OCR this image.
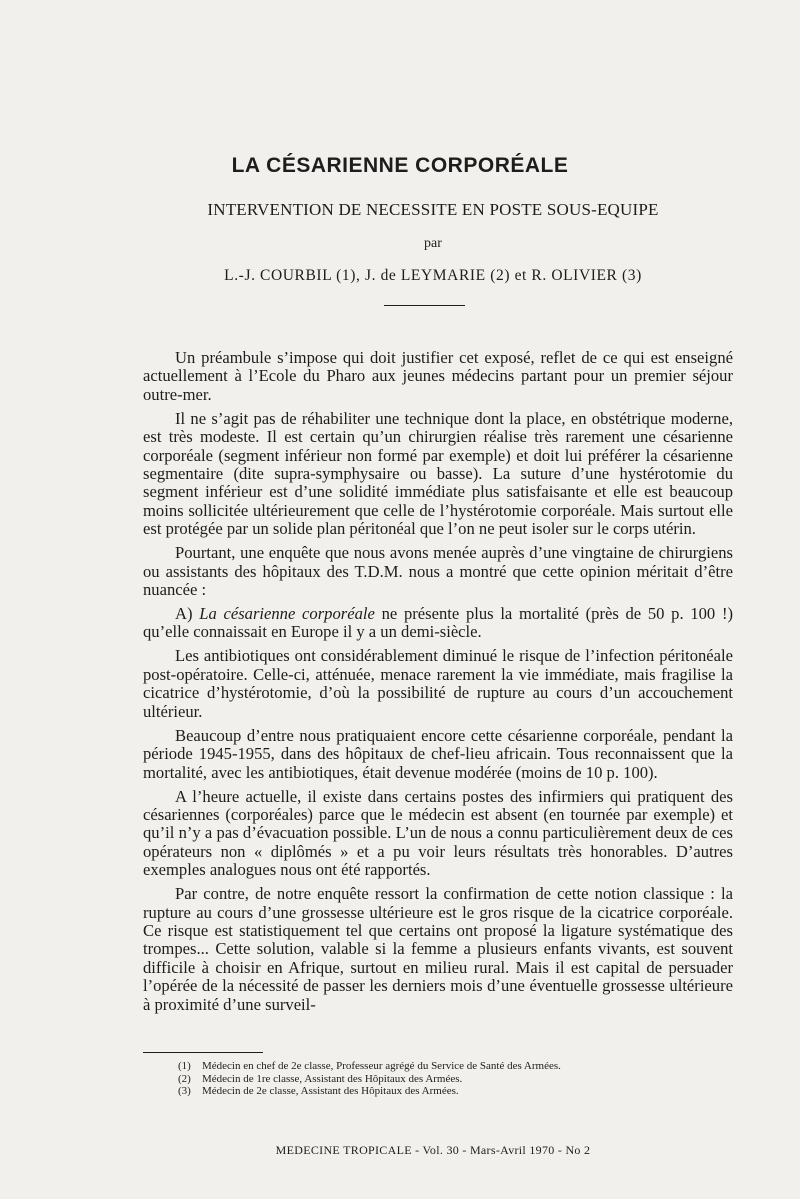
LA CÉSARIENNE CORPORÉALE
INTERVENTION DE NECESSITE EN POSTE SOUS-EQUIPE
par
L.-J. COURBIL (1), J. de LEYMARIE (2) et R. OLIVIER (3)

Un préambule s’impose qui doit justifier cet exposé, reflet de ce qui est enseigné actuellement à l’Ecole du Pharo aux jeunes médecins partant pour un premier séjour outre-mer.

Il ne s’agit pas de réhabiliter une technique dont la place, en obstétrique moderne, est très modeste. Il est certain qu’un chirurgien réalise très rarement une césarienne corporéale (segment inférieur non formé par exemple) et doit lui préférer la césarienne segmentaire (dite supra-symphysaire ou basse). La suture d’une hystérotomie du segment inférieur est d’une solidité immédiate plus satisfaisante et elle est beaucoup moins sollicitée ultérieurement que celle de l’hystérotomie corporéale. Mais surtout elle est protégée par un solide plan péritonéal que l’on ne peut isoler sur le corps utérin.

Pourtant, une enquête que nous avons menée auprès d’une vingtaine de chirurgiens ou assistants des hôpitaux des T.D.M. nous a montré que cette opinion méritait d’être nuancée :

A) La césarienne corporéale ne présente plus la mortalité (près de 50 p. 100 !) qu’elle connaissait en Europe il y a un demi-siècle.

Les antibiotiques ont considérablement diminué le risque de l’infection péritonéale post-opératoire. Celle-ci, atténuée, menace rarement la vie immédiate, mais fragilise la cicatrice d’hystérotomie, d’où la possibilité de rupture au cours d’un accouchement ultérieur.

Beaucoup d’entre nous pratiquaient encore cette césarienne corporéale, pendant la période 1945-1955, dans des hôpitaux de chef-lieu africain. Tous reconnaissent que la mortalité, avec les antibiotiques, était devenue modérée (moins de 10 p. 100).

A l’heure actuelle, il existe dans certains postes des infirmiers qui pratiquent des césariennes (corporéales) parce que le médecin est absent (en tournée par exemple) et qu’il n’y a pas d’évacuation possible. L’un de nous a connu particulièrement deux de ces opérateurs non « diplômés » et a pu voir leurs résultats très honorables. D’autres exemples analogues nous ont été rapportés.

Par contre, de notre enquête ressort la confirmation de cette notion classique : la rupture au cours d’une grossesse ultérieure est le gros risque de la cicatrice corporéale. Ce risque est statistiquement tel que certains ont proposé la ligature systématique des trompes... Cette solution, valable si la femme a plusieurs enfants vivants, est souvent difficile à choisir en Afrique, surtout en milieu rural. Mais il est capital de persuader l’opérée de la nécessité de passer les derniers mois d’une éventuelle grossesse ultérieure à proximité d’une surveil-

(1) Médecin en chef de 2e classe, Professeur agrégé du Service de Santé des Armées.
(2) Médecin de 1re classe, Assistant des Hôpitaux des Armées.
(3) Médecin de 2e classe, Assistant des Hôpitaux des Armées.
MEDECINE TROPICALE - Vol. 30 - Mars-Avril 1970 - No 2
